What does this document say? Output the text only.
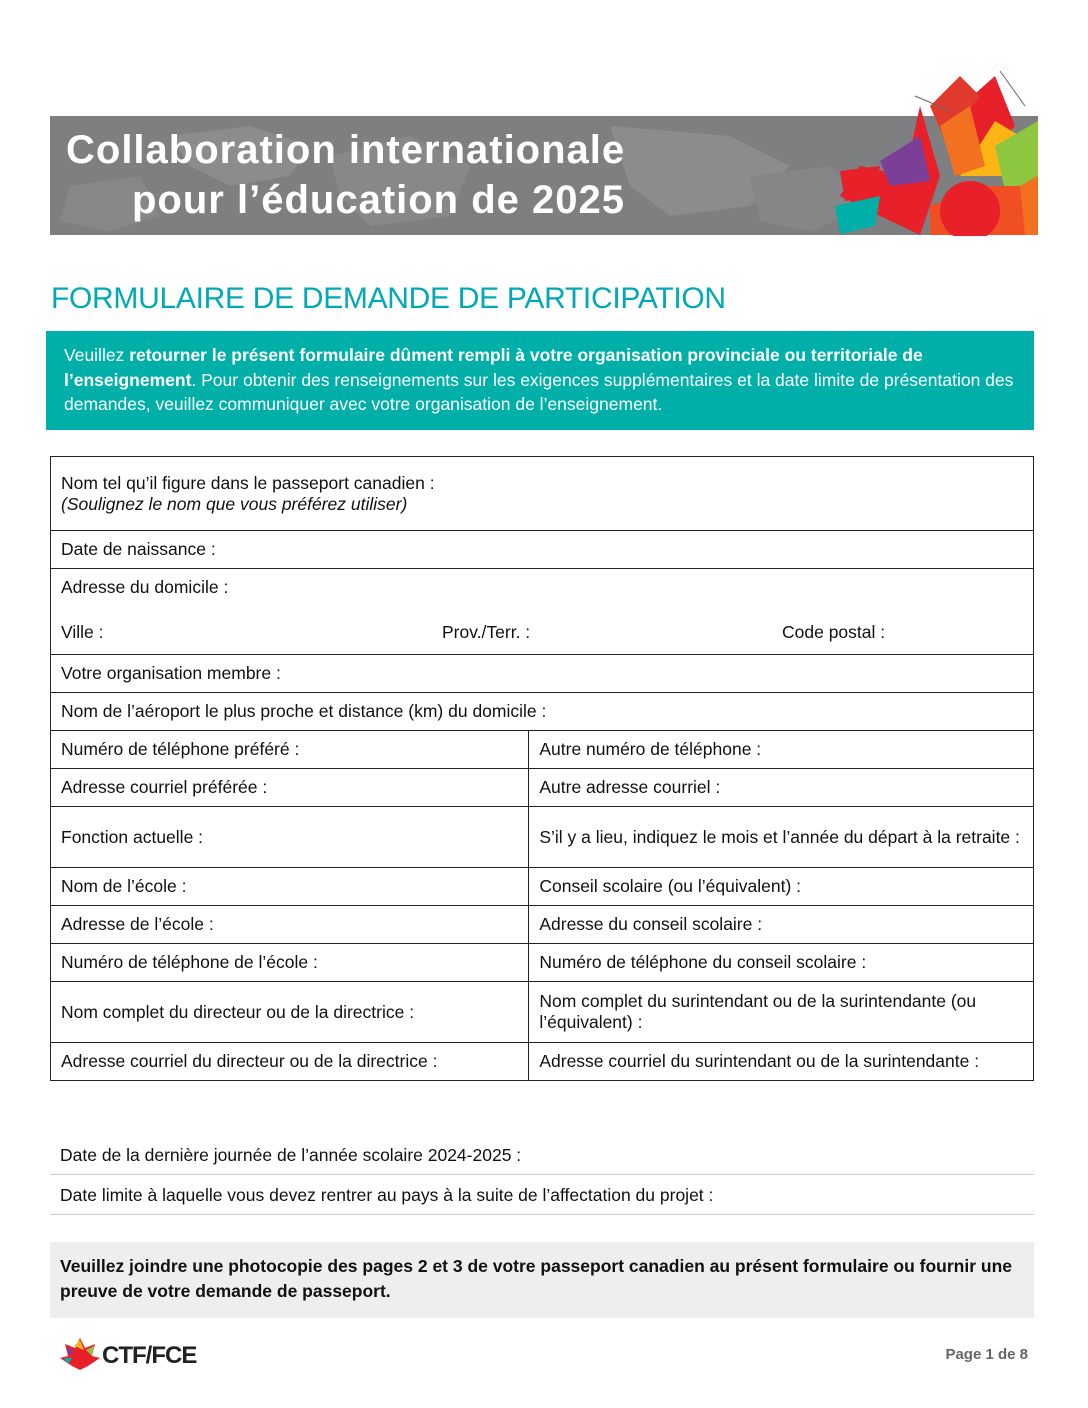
Collaboration internationale
pour l’éducation de 2025
FORMULAIRE DE DEMANDE DE PARTICIPATION
Veuillez retourner le présent formulaire dûment rempli à votre organisation provinciale ou territoriale de l’enseignement. Pour obtenir des renseignements sur les exigences supplémentaires et la date limite de présentation des demandes, veuillez communiquer avec votre organisation de l’enseignement.
Nom tel qu’il figure dans le passeport canadien :
(Soulignez le nom que vous préférez utiliser)	

Date de naissance :	

Adresse du domicile :
Ville : Prov./Terr. : Code postal :	

Votre organisation membre :	
Nom de l’aéroport le plus proche et distance (km) du domicile :	
Numéro de téléphone préféré :	Autre numéro de téléphone :
Adresse courriel préférée :	Autre adresse courriel :
Fonction actuelle :	S’il y a lieu, indiquez le mois et l’année du départ à la retraite :
Nom de l’école :	Conseil scolaire (ou l’équivalent) :
Adresse de l’école :	Adresse du conseil scolaire :
Numéro de téléphone de l’école :	Numéro de téléphone du conseil scolaire :
Nom complet du directeur ou de la directrice :	Nom complet du surintendant ou de la surintendante (ou l’équivalent) :
Adresse courriel du directeur ou de la directrice :	Adresse courriel du surintendant ou de la surintendante :
Date de la dernière journée de l’année scolaire 2024-2025 :
Date limite à laquelle vous devez rentrer au pays à la suite de l’affectation du projet :
Veuillez joindre une photocopie des pages 2 et 3 de votre passeport canadien au présent formulaire ou fournir une preuve de votre demande de passeport.
CTF/FCE	Page 1 de 8
